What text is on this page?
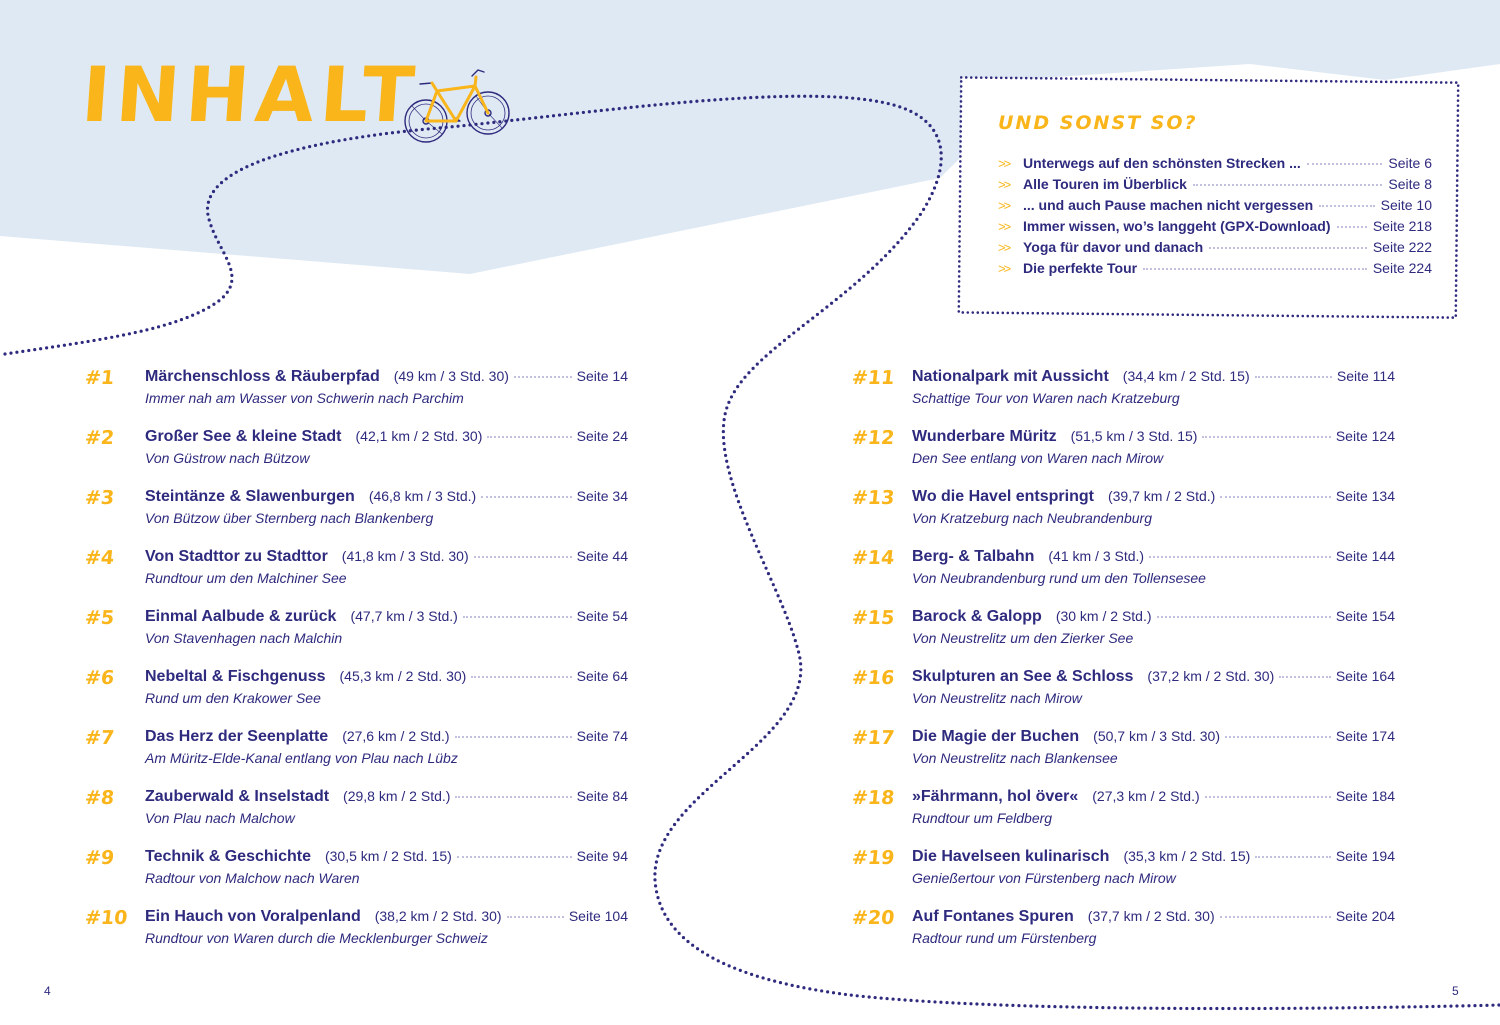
INHALT	UND SONST SO?
>> Unterwegs auf den schönsten Strecken ...	Seite 6
>> Alle Touren im Überblick	Seite 8
>> ... und auch Pause machen nicht vergessen	Seite 10
>> Immer wissen, wo’s langgeht (GPX-Download)	Seite 218
>> Yoga für davor und danach	Seite 222
>> Die perfekte Tour	Seite 224
#1 Märchenschloss & Räuberpfad (49 km / 3 Std. 30)	Seite 14
Immer nah am Wasser von Schwerin nach Parchim
#2 Großer See & kleine Stadt (42,1 km / 2 Std. 30)	Seite 24
Von Güstrow nach Bützow
#3 Steintänze & Slawenburgen (46,8 km / 3 Std.)	Seite 34
Von Bützow über Sternberg nach Blankenberg
#4 Von Stadttor zu Stadttor (41,8 km / 3 Std. 30)	Seite 44
Rundtour um den Malchiner See
#5 Einmal Aalbude & zurück (47,7 km / 3 Std.)	Seite 54
Von Stavenhagen nach Malchin
#6 Nebeltal & Fischgenuss (45,3 km / 2 Std. 30)	Seite 64
Rund um den Krakower See
#7 Das Herz der Seenplatte (27,6 km / 2 Std.)	Seite 74
Am Müritz-Elde-Kanal entlang von Plau nach Lübz
#8 Zauberwald & Inselstadt (29,8 km / 2 Std.)	Seite 84
Von Plau nach Malchow
#9 Technik & Geschichte (30,5 km / 2 Std. 15)	Seite 94
Radtour von Malchow nach Waren
#10 Ein Hauch von Voralpenland (38,2 km / 2 Std. 30)	Seite 104
Rundtour von Waren durch die Mecklenburger Schweiz
#11 Nationalpark mit Aussicht (34,4 km / 2 Std. 15)	Seite 114
Schattige Tour von Waren nach Kratzeburg
#12 Wunderbare Müritz (51,5 km / 3 Std. 15)	Seite 124
Den See entlang von Waren nach Mirow
#13 Wo die Havel entspringt (39,7 km / 2 Std.)	Seite 134
Von Kratzeburg nach Neubrandenburg
#14 Berg- & Talbahn (41 km / 3 Std.)	Seite 144
Von Neubrandenburg rund um den Tollensesee
#15 Barock & Galopp (30 km / 2 Std.)	Seite 154
Von Neustrelitz um den Zierker See
#16 Skulpturen an See & Schloss (37,2 km / 2 Std. 30)	Seite 164
Von Neustrelitz nach Mirow
#17 Die Magie der Buchen (50,7 km / 3 Std. 30)	Seite 174
Von Neustrelitz nach Blankensee
#18 »Fährmann, hol över« (27,3 km / 2 Std.)	Seite 184
Rundtour um Feldberg
#19 Die Havelseen kulinarisch (35,3 km / 2 Std. 15)	Seite 194
Genießertour von Fürstenberg nach Mirow
#20 Auf Fontanes Spuren (37,7 km / 2 Std. 30)	Seite 204
Radtour rund um Fürstenberg
4	5
